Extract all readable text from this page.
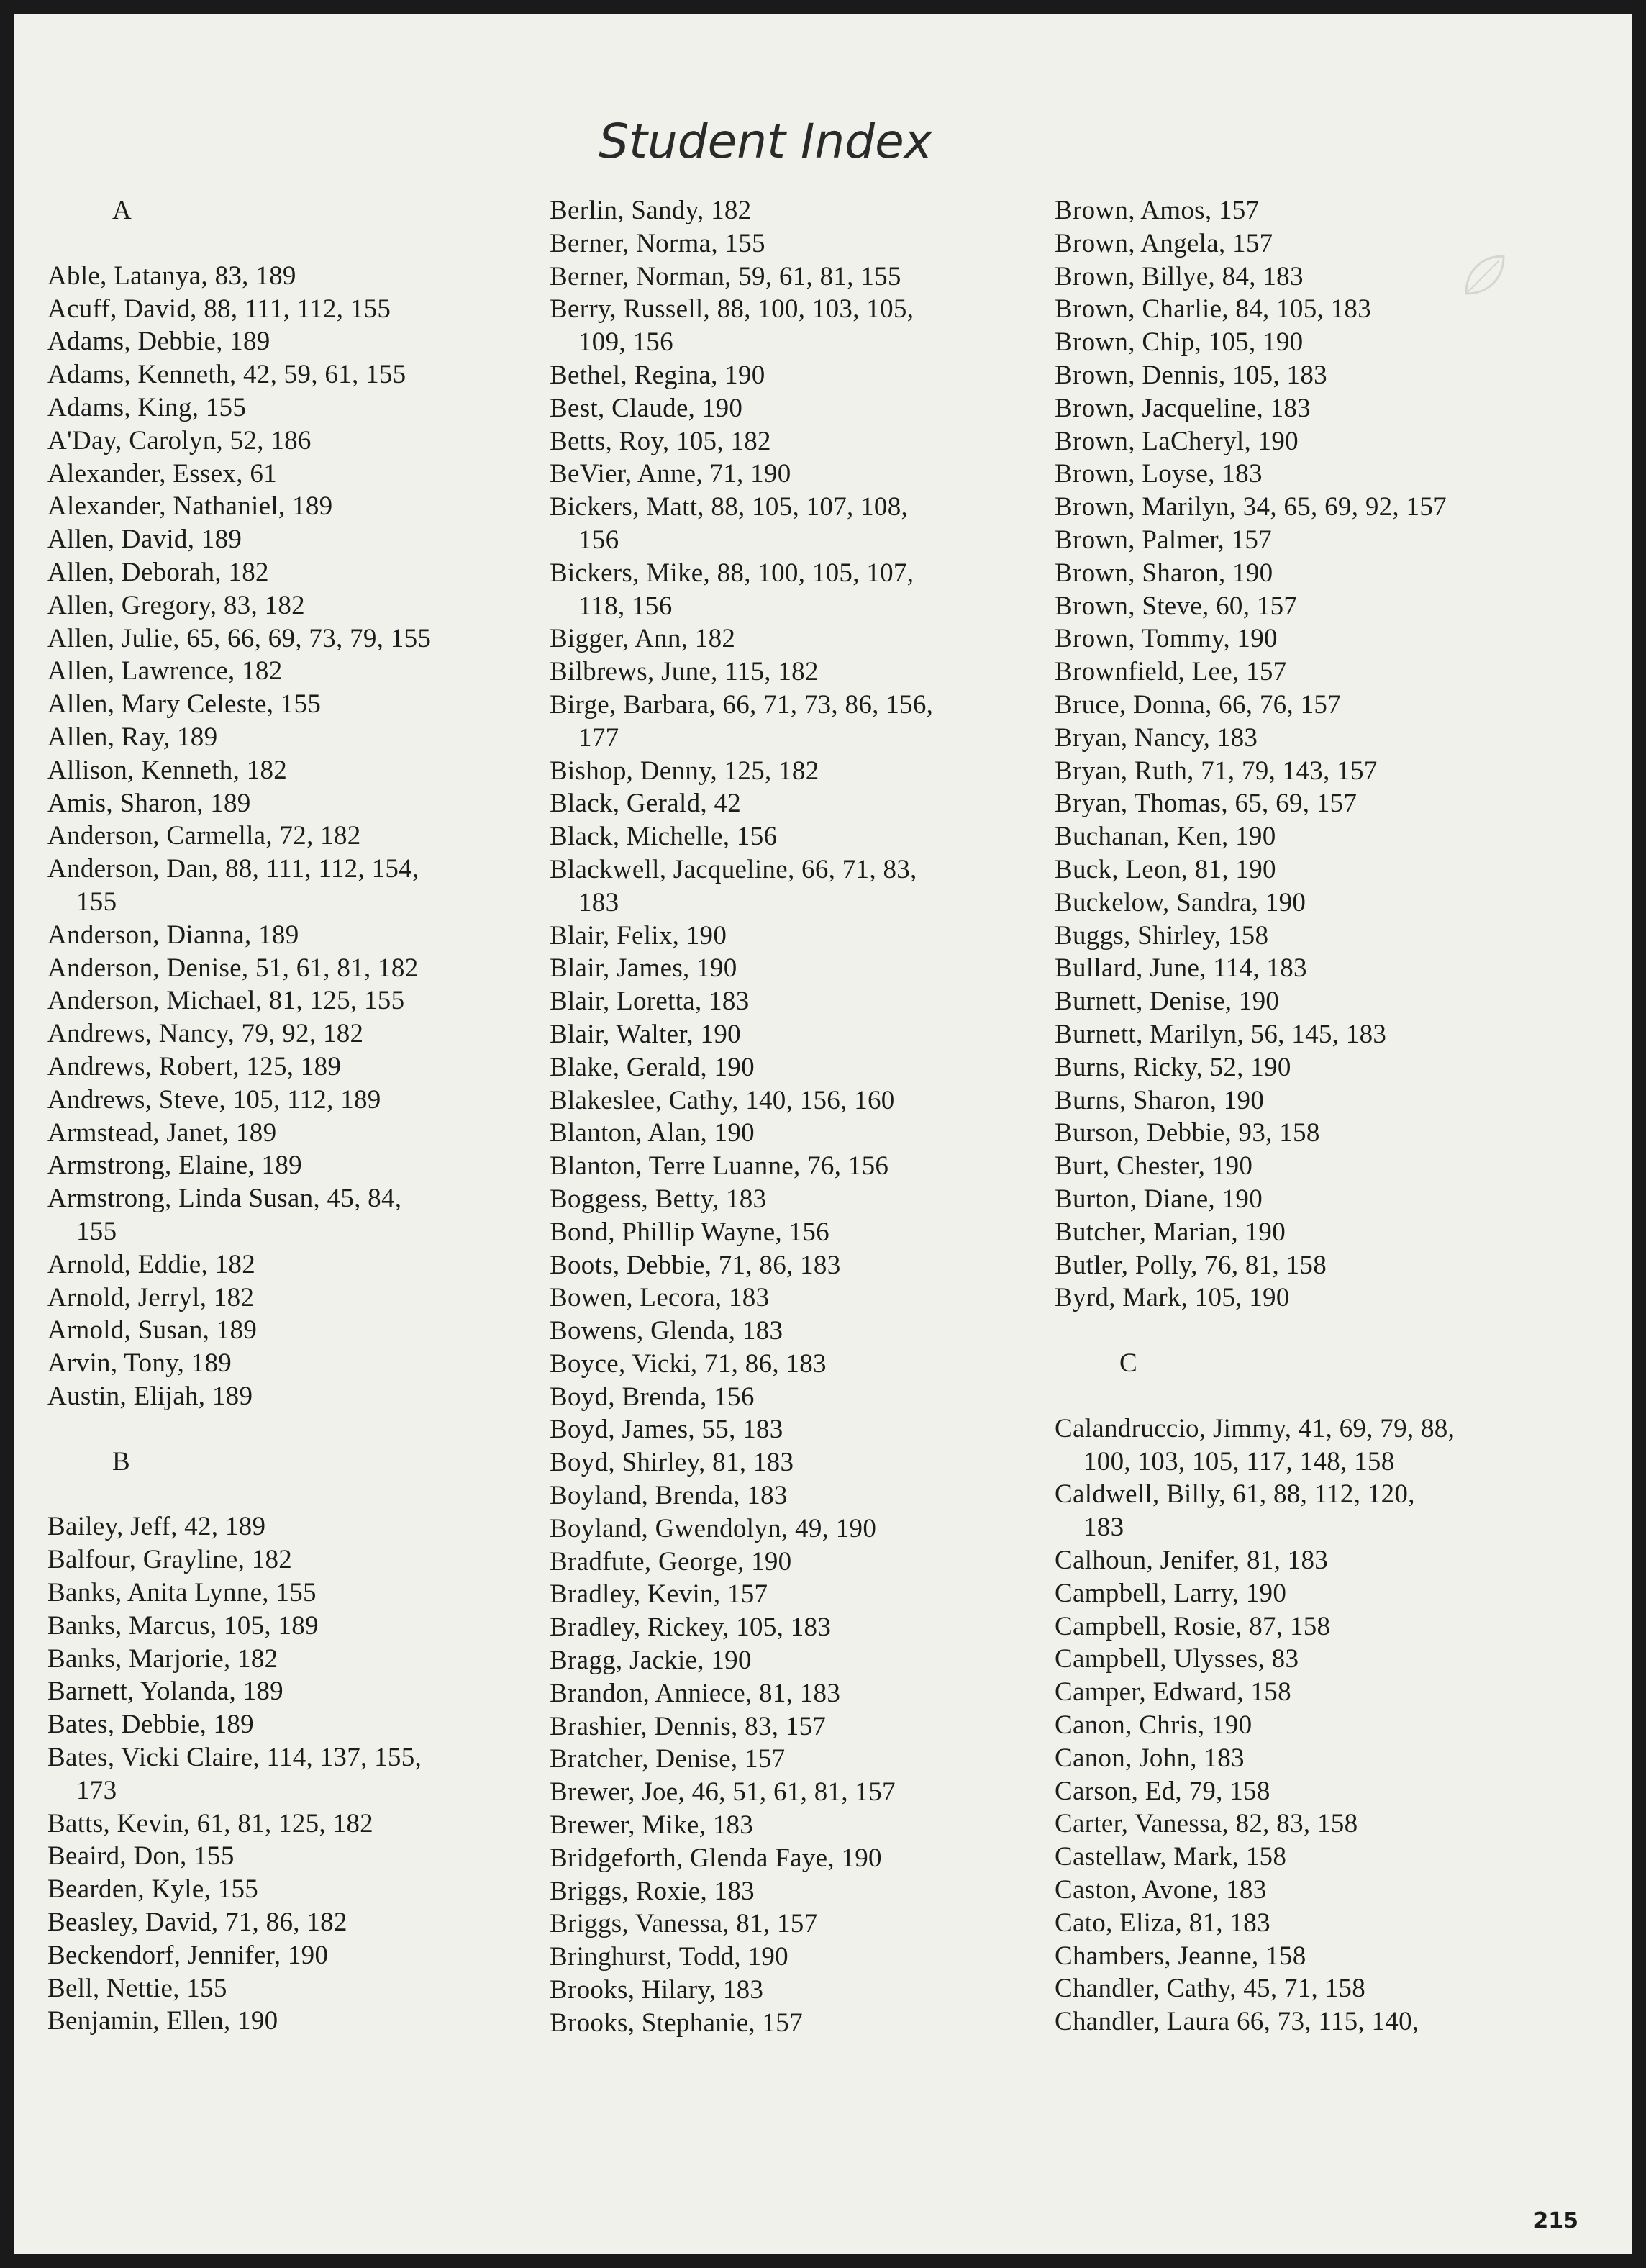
Student Index
A
Able, Latanya, 83, 189
Acuff, David, 88, 111, 112, 155
Adams, Debbie, 189
Adams, Kenneth, 42, 59, 61, 155
Adams, King, 155
A'Day, Carolyn, 52, 186
Alexander, Essex, 61
Alexander, Nathaniel, 189
Allen, David, 189
Allen, Deborah, 182
Allen, Gregory, 83, 182
Allen, Julie, 65, 66, 69, 73, 79, 155
Allen, Lawrence, 182
Allen, Mary Celeste, 155
Allen, Ray, 189
Allison, Kenneth, 182
Amis, Sharon, 189
Anderson, Carmella, 72, 182
Anderson, Dan, 88, 111, 112, 154,
155
Anderson, Dianna, 189
Anderson, Denise, 51, 61, 81, 182
Anderson, Michael, 81, 125, 155
Andrews, Nancy, 79, 92, 182
Andrews, Robert, 125, 189
Andrews, Steve, 105, 112, 189
Armstead, Janet, 189
Armstrong, Elaine, 189
Armstrong, Linda Susan, 45, 84,
155
Arnold, Eddie, 182
Arnold, Jerryl, 182
Arnold, Susan, 189
Arvin, Tony, 189
Austin, Elijah, 189
B
Bailey, Jeff, 42, 189
Balfour, Grayline, 182
Banks, Anita Lynne, 155
Banks, Marcus, 105, 189
Banks, Marjorie, 182
Barnett, Yolanda, 189
Bates, Debbie, 189
Bates, Vicki Claire, 114, 137, 155,
173
Batts, Kevin, 61, 81, 125, 182
Beaird, Don, 155
Bearden, Kyle, 155
Beasley, David, 71, 86, 182
Beckendorf, Jennifer, 190
Bell, Nettie, 155
Benjamin, Ellen, 190
Berlin, Sandy, 182
Berner, Norma, 155
Berner, Norman, 59, 61, 81, 155
Berry, Russell, 88, 100, 103, 105,
109, 156
Bethel, Regina, 190
Best, Claude, 190
Betts, Roy, 105, 182
BeVier, Anne, 71, 190
Bickers, Matt, 88, 105, 107, 108,
156
Bickers, Mike, 88, 100, 105, 107,
118, 156
Bigger, Ann, 182
Bilbrews, June, 115, 182
Birge, Barbara, 66, 71, 73, 86, 156,
177
Bishop, Denny, 125, 182
Black, Gerald, 42
Black, Michelle, 156
Blackwell, Jacqueline, 66, 71, 83,
183
Blair, Felix, 190
Blair, James, 190
Blair, Loretta, 183
Blair, Walter, 190
Blake, Gerald, 190
Blakeslee, Cathy, 140, 156, 160
Blanton, Alan, 190
Blanton, Terre Luanne, 76, 156
Boggess, Betty, 183
Bond, Phillip Wayne, 156
Boots, Debbie, 71, 86, 183
Bowen, Lecora, 183
Bowens, Glenda, 183
Boyce, Vicki, 71, 86, 183
Boyd, Brenda, 156
Boyd, James, 55, 183
Boyd, Shirley, 81, 183
Boyland, Brenda, 183
Boyland, Gwendolyn, 49, 190
Bradfute, George, 190
Bradley, Kevin, 157
Bradley, Rickey, 105, 183
Bragg, Jackie, 190
Brandon, Anniece, 81, 183
Brashier, Dennis, 83, 157
Bratcher, Denise, 157
Brewer, Joe, 46, 51, 61, 81, 157
Brewer, Mike, 183
Bridgeforth, Glenda Faye, 190
Briggs, Roxie, 183
Briggs, Vanessa, 81, 157
Bringhurst, Todd, 190
Brooks, Hilary, 183
Brooks, Stephanie, 157
Brown, Amos, 157
Brown, Angela, 157
Brown, Billye, 84, 183
Brown, Charlie, 84, 105, 183
Brown, Chip, 105, 190
Brown, Dennis, 105, 183
Brown, Jacqueline, 183
Brown, LaCheryl, 190
Brown, Loyse, 183
Brown, Marilyn, 34, 65, 69, 92, 157
Brown, Palmer, 157
Brown, Sharon, 190
Brown, Steve, 60, 157
Brown, Tommy, 190
Brownfield, Lee, 157
Bruce, Donna, 66, 76, 157
Bryan, Nancy, 183
Bryan, Ruth, 71, 79, 143, 157
Bryan, Thomas, 65, 69, 157
Buchanan, Ken, 190
Buck, Leon, 81, 190
Buckelow, Sandra, 190
Buggs, Shirley, 158
Bullard, June, 114, 183
Burnett, Denise, 190
Burnett, Marilyn, 56, 145, 183
Burns, Ricky, 52, 190
Burns, Sharon, 190
Burson, Debbie, 93, 158
Burt, Chester, 190
Burton, Diane, 190
Butcher, Marian, 190
Butler, Polly, 76, 81, 158
Byrd, Mark, 105, 190
C
Calandruccio, Jimmy, 41, 69, 79, 88,
100, 103, 105, 117, 148, 158
Caldwell, Billy, 61, 88, 112, 120,
183
Calhoun, Jenifer, 81, 183
Campbell, Larry, 190
Campbell, Rosie, 87, 158
Campbell, Ulysses, 83
Camper, Edward, 158
Canon, Chris, 190
Canon, John, 183
Carson, Ed, 79, 158
Carter, Vanessa, 82, 83, 158
Castellaw, Mark, 158
Caston, Avone, 183
Cato, Eliza, 81, 183
Chambers, Jeanne, 158
Chandler, Cathy, 45, 71, 158
Chandler, Laura 66, 73, 115, 140,
215
